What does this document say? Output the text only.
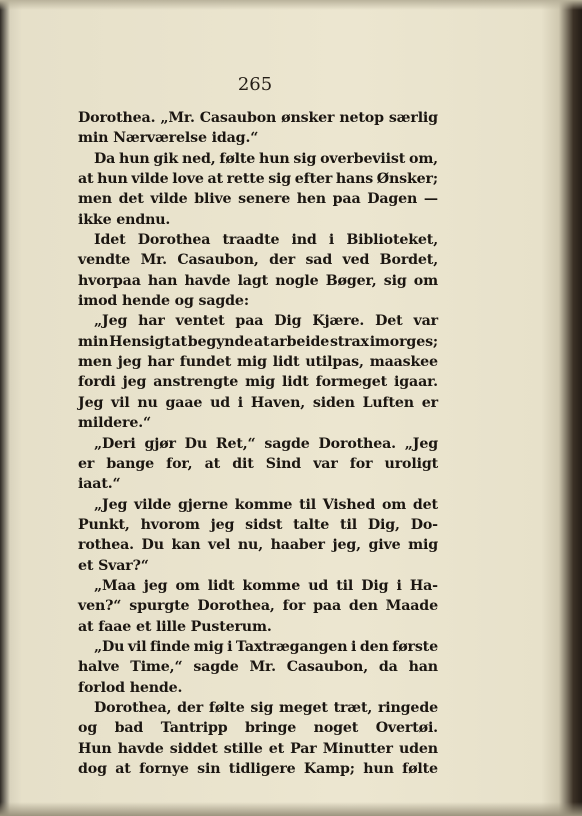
265
Dorothea. „Mr. Casaubon ønsker netop særlig
min Nærværelse idag.“
Da hun gik ned, følte hun sig overbeviist om,
at hun vilde love at rette sig efter hans Ønsker;
men det vilde blive senere hen paa Dagen —
ikke endnu.
Idet Dorothea traadte ind i Biblioteket,
vendte Mr. Casaubon, der sad ved Bordet,
hvorpaa han havde lagt nogle Bøger, sig om
imod hende og sagde:
„Jeg har ventet paa Dig Kjære. Det var
min Hensigt at begynde at arbeide strax imorges;
men jeg har fundet mig lidt utilpas, maaskee
fordi jeg anstrengte mig lidt formeget igaar.
Jeg vil nu gaae ud i Haven, siden Luften er
mildere.“
„Deri gjør Du Ret,“ sagde Dorothea. „Jeg
er bange for, at dit Sind var for uroligt
iaat.“
„Jeg vilde gjerne komme til Vished om det
Punkt, hvorom jeg sidst talte til Dig, Do-
rothea. Du kan vel nu, haaber jeg, give mig
et Svar?“
„Maa jeg om lidt komme ud til Dig i Ha-
ven?“ spurgte Dorothea, for paa den Maade
at faae et lille Pusterum.
„Du vil finde mig i Taxtrægangen i den første
halve Time,“ sagde Mr. Casaubon, da han
forlod hende.
Dorothea, der følte sig meget træt, ringede
og bad Tantripp bringe noget Overtøi.
Hun havde siddet stille et Par Minutter uden
dog at fornye sin tidligere Kamp; hun følte
